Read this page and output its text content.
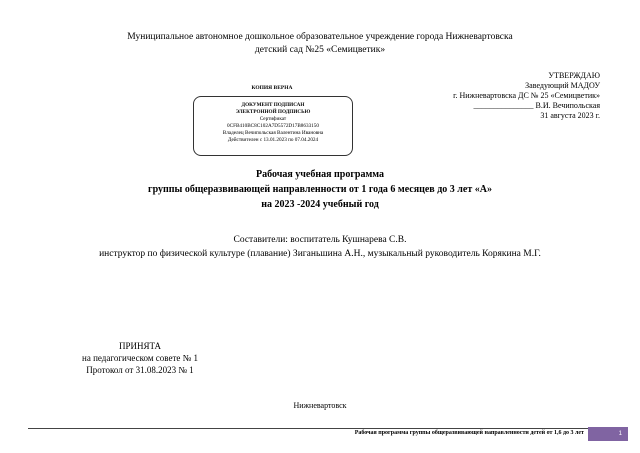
Муниципальное автономное дошкольное образовательное учреждение города Нижневартовска
детский сад №25 «Семицветик»
УТВЕРЖДАЮ
Заведующий МАДОУ
г. Нижневартовска ДС № 25 «Семицветик»
_______________ В.И. Вечипольская
31 августа 2023 г.
КОПИЯ ВЕРНА
ДОКУМЕНТ ПОДПИСАН
ЭЛЕКТРОННОЙ ПОДПИСЬЮ
Сертификат
0CFB410BC8C102A7D5572D17B8633150
Владелец Вечипольская Валентина Ивановна
Действителен с 13.01.2023 по 07.04.2024
Рабочая учебная программа
группы общеразвивающей направленности от 1 года 6 месяцев до 3 лет «А»
на 2023 -2024 учебный год
Составители: воспитатель Кушнарева С.В.
инструктор по физической культуре (плавание) Зиганьшина А.Н., музыкальный руководитель Корякина М.Г.
ПРИНЯТА
на педагогическом совете № 1
Протокол от 31.08.2023 № 1
Нижневартовск
Рабочая программа группы общеразвивающей направленности детей от 1,6 до 3 лет	1
